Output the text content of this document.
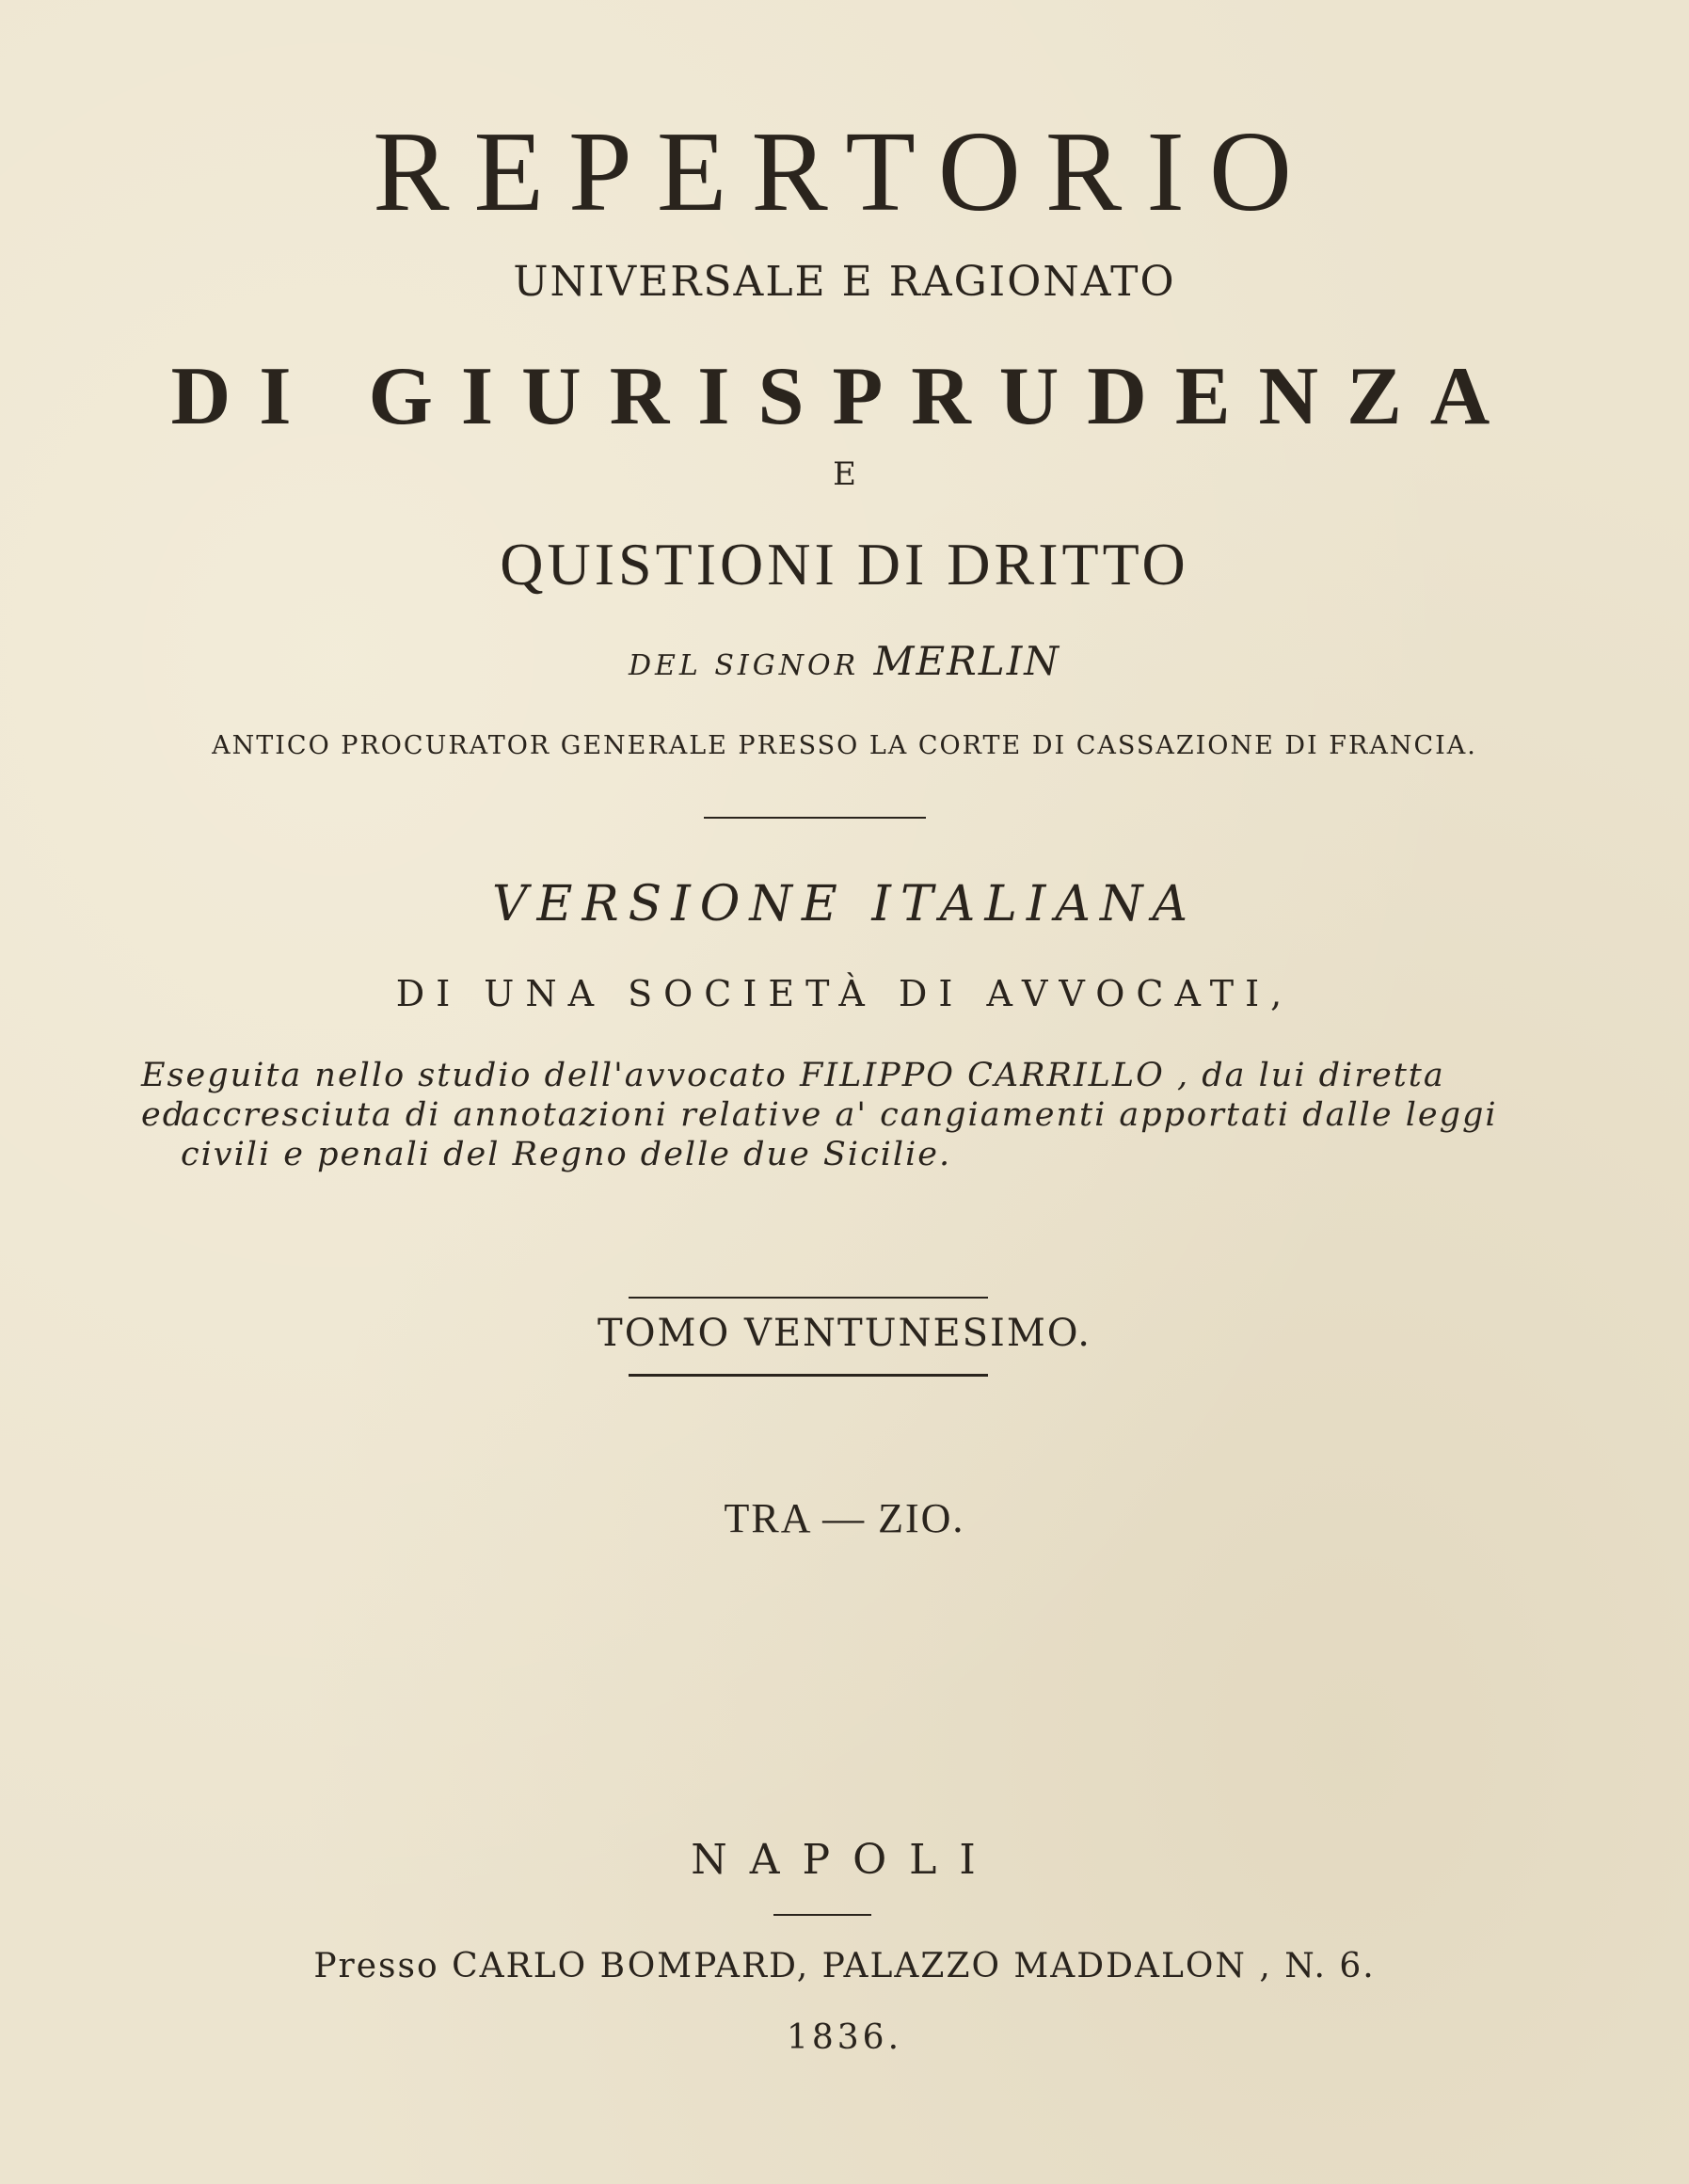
REPERTORIO
UNIVERSALE E RAGIONATO
DI GIURISPRUDENZA
E
QUISTIONI DI DRITTO
DEL SIGNOR MERLIN
ANTICO PROCURATOR GENERALE PRESSO LA CORTE DI CASSAZIONE DI FRANCIA.
VERSIONE ITALIANA
DI UNA SOCIETÀ DI AVVOCATI,
Eseguita nello studio dell'avvocato FILIPPO CARRILLO , da lui diretta ed
accresciuta di annotazioni relative a' cangiamenti apportati dalle leggi
civili e penali del Regno delle due Sicilie.
TOMO VENTUNESIMO.
TRA — ZIO.
NAPOLI
Presso CARLO BOMPARD, PALAZZO MADDALON , N. 6.
1836.
